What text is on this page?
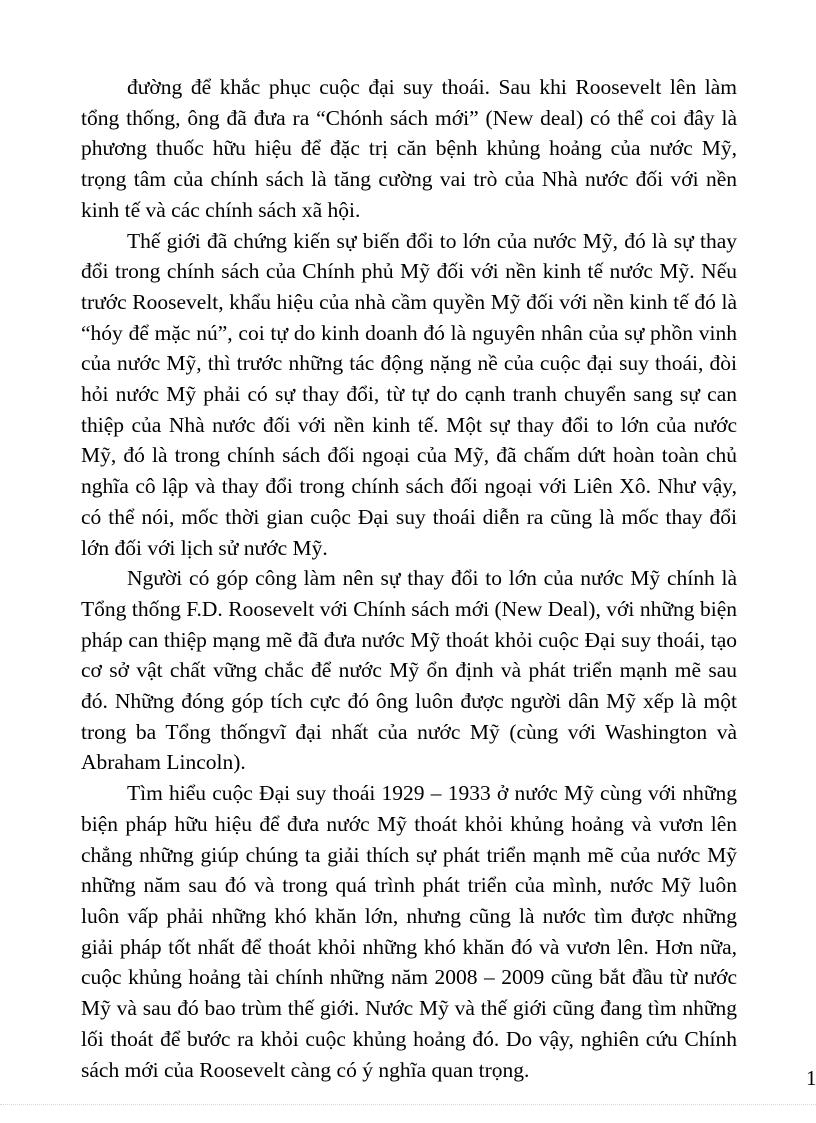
đường để khắc phục cuộc đại suy thoái. Sau khi Roosevelt lên làm tổng thống, ông đã đưa ra “Chónh sách mới” (New deal) có thể coi đây là phương thuốc hữu hiệu để đặc trị căn bệnh khủng hoảng của nước Mỹ, trọng tâm của chính sách là tăng cường vai trò của Nhà nước đối với nền kinh tế và các chính sách xã hội.

Thế giới đã chứng kiến sự biến đổi to lớn của nước Mỹ, đó là sự thay đổi trong chính sách của Chính phủ Mỹ đối với nền kinh tế nước Mỹ. Nếu trước Roosevelt, khẩu hiệu của nhà cầm quyền Mỹ đối với nền kinh tế đó là “hóy để mặc nú”, coi tự do kinh doanh đó là nguyên nhân của sự phồn vinh của nước Mỹ, thì trước những tác động nặng nề của cuộc đại suy thoái, đòi hỏi nước Mỹ phải có sự thay đổi, từ tự do cạnh tranh chuyển sang sự can thiệp của Nhà nước đối với nền kinh tế. Một sự thay đổi to lớn của nước Mỹ, đó là trong chính sách đối ngoại của Mỹ, đã chấm dứt hoàn toàn chủ nghĩa cô lập và thay đổi trong chính sách đối ngoại với Liên Xô. Như vậy, có thể nói, mốc thời gian cuộc Đại suy thoái diễn ra cũng là mốc thay đổi lớn đối với lịch sử nước Mỹ.

Người có góp công làm nên sự thay đổi to lớn của nước Mỹ chính là Tổng thống F.D. Roosevelt với Chính sách mới (New Deal), với những biện pháp can thiệp mạng mẽ đã đưa nước Mỹ thoát khỏi cuộc Đại suy thoái, tạo cơ sở vật chất vững chắc để nước Mỹ ổn định và phát triển mạnh mẽ sau đó. Những đóng góp tích cực đó ông luôn được người dân Mỹ xếp là một trong ba Tổng thốngvĩ đại nhất của nước Mỹ (cùng với Washington và Abraham Lincoln).

Tìm hiểu cuộc Đại suy thoái 1929 – 1933 ở nước Mỹ cùng với những biện pháp hữu hiệu để đưa nước Mỹ thoát khỏi khủng hoảng và vươn lên chẳng những giúp chúng ta giải thích sự phát triển mạnh mẽ của nước Mỹ những năm sau đó và trong quá trình phát triển của mình, nước Mỹ luôn luôn vấp phải những khó khăn lớn, nhưng cũng là nước tìm được những giải pháp tốt nhất để thoát khỏi những khó khăn đó và vươn lên. Hơn nữa, cuộc khủng hoảng tài chính những năm 2008 – 2009 cũng bắt đầu từ nước Mỹ và sau đó bao trùm thế giới. Nước Mỹ và thế giới cũng đang tìm những lối thoát để bước ra khỏi cuộc khủng hoảng đó. Do vậy, nghiên cứu Chính sách mới của Roosevelt càng có ý nghĩa quan trọng.	1
